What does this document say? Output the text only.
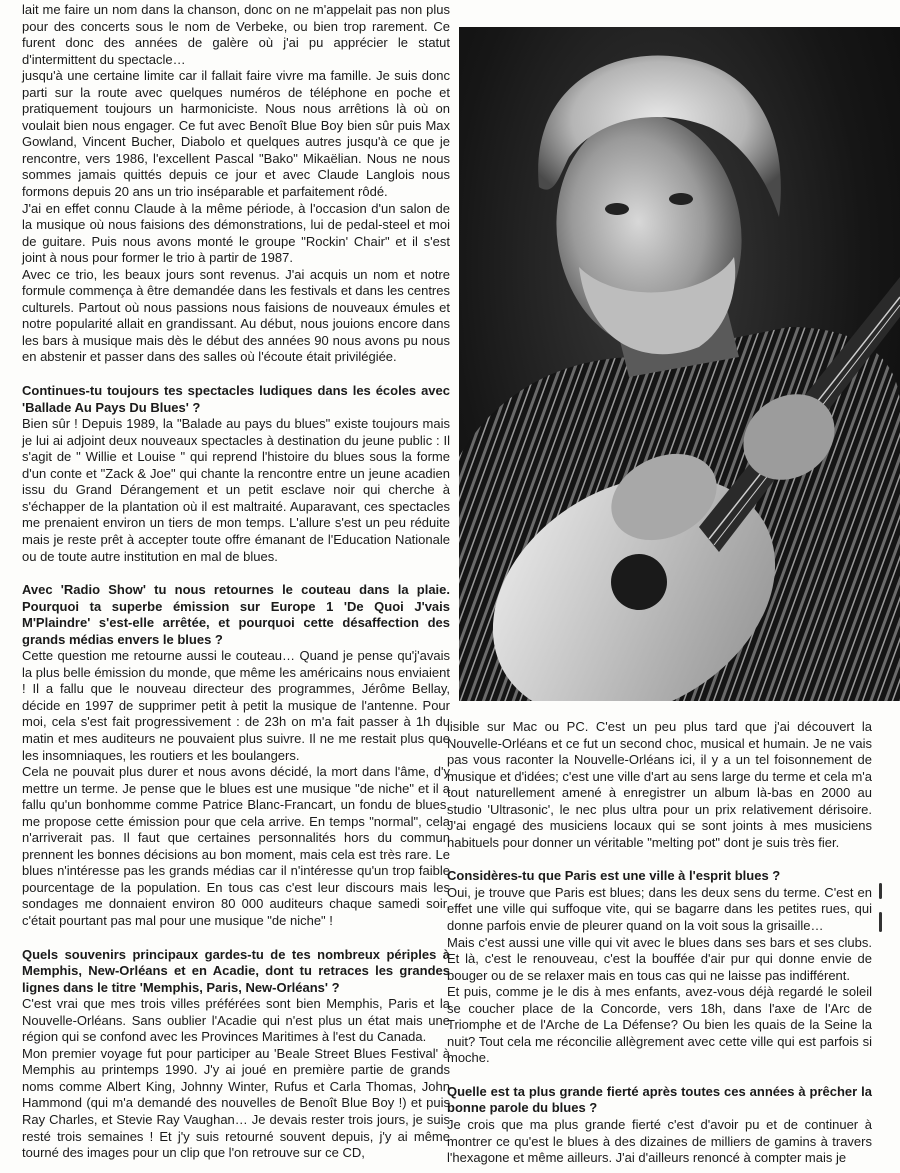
lait me faire un nom dans la chanson, donc on ne m'appelait pas non plus pour des concerts sous le nom de Verbeke, ou bien trop rarement. Ce furent donc des années de galère où j'ai pu apprécier le statut d'intermittent du spectacle…

jusqu'à une certaine limite car il fallait faire vivre ma famille. Je suis donc parti sur la route avec quelques numéros de téléphone en poche et pratiquement toujours un harmoniciste. Nous nous arrêtions là où on voulait bien nous engager. Ce fut avec Benoît Blue Boy bien sûr puis Max Gowland, Vincent Bucher, Diabolo et quelques autres jusqu'à ce que je rencontre, vers 1986, l'excellent Pascal "Bako" Mikaëlian. Nous ne nous sommes jamais quittés depuis ce jour et avec Claude Langlois nous formons depuis 20 ans un trio inséparable et parfaitement rôdé.

J'ai en effet connu Claude à la même période, à l'occasion d'un salon de la musique où nous faisions des démonstrations, lui de pedal-steel et moi de guitare. Puis nous avons monté le groupe "Rockin' Chair" et il s'est joint à nous pour former le trio à partir de 1987.

Avec ce trio, les beaux jours sont revenus. J'ai acquis un nom et notre formule commença à être demandée dans les festivals et dans les centres culturels. Partout où nous passions nous faisions de nouveaux émules et notre popularité allait en grandissant. Au début, nous jouions encore dans les bars à musique mais dès le début des années 90 nous avons pu nous en abstenir et passer dans des salles où l'écoute était privilégiée.

Continues-tu toujours tes spectacles ludiques dans les écoles avec 'Ballade Au Pays Du Blues' ?

Bien sûr ! Depuis 1989, la "Balade au pays du blues" existe toujours mais je lui ai adjoint deux nouveaux spectacles à destination du jeune public : Il s'agit de " Willie et Louise " qui reprend l'histoire du blues sous la forme d'un conte et "Zack & Joe" qui chante la rencontre entre un jeune acadien issu du Grand Dérangement et un petit esclave noir qui cherche à s'échapper de la plantation où il est maltraité. Auparavant, ces spectacles me prenaient environ un tiers de mon temps. L'allure s'est un peu réduite mais je reste prêt à accepter toute offre émanant de l'Education Nationale ou de toute autre institution en mal de blues.

Avec 'Radio Show' tu nous retournes le couteau dans la plaie. Pourquoi ta superbe émission sur Europe 1 'De Quoi J'vais M'Plaindre' s'est-elle arrêtée, et pourquoi cette désaffection des grands médias envers le blues ?

Cette question me retourne aussi le couteau… Quand je pense qu'j'avais la plus belle émission du monde, que même les américains nous enviaient ! Il a fallu que le nouveau directeur des programmes, Jérôme Bellay, décide en 1997 de supprimer petit à petit la musique de l'antenne. Pour moi, cela s'est fait progressivement : de 23h on m'a fait passer à 1h du matin et mes auditeurs ne pouvaient plus suivre. Il ne me restait plus que les insomniaques, les routiers et les boulangers.

Cela ne pouvait plus durer et nous avons décidé, la mort dans l'âme, d'y mettre un terme. Je pense que le blues est une musique "de niche" et il a fallu qu'un bonhomme comme Patrice Blanc-Francart, un fondu de blues, me propose cette émission pour que cela arrive. En temps "normal", cela n'arriverait pas. Il faut que certaines personnalités hors du commun prennent les bonnes décisions au bon moment, mais cela est très rare. Le blues n'intéresse pas les grands médias car il n'intéresse qu'un trop faible pourcentage de la population. En tous cas c'est leur discours mais les sondages me donnaient environ 80 000 auditeurs chaque samedi soir, c'était pourtant pas mal pour une musique "de niche" !

Quels souvenirs principaux gardes-tu de tes nombreux périples à Memphis, New-Orléans et en Acadie, dont tu retraces les grandes lignes dans le titre 'Memphis, Paris, New-Orléans' ?

C'est vrai que mes trois villes préférées sont bien Memphis, Paris et la Nouvelle-Orléans. Sans oublier l'Acadie qui n'est plus un état mais une région qui se confond avec les Provinces Maritimes à l'est du Canada.

Mon premier voyage fut pour participer au 'Beale Street Blues Festival' à Memphis au printemps 1990. J'y ai joué en première partie de grands noms comme Albert King, Johnny Winter, Rufus et Carla Thomas, John Hammond (qui m'a demandé des nouvelles de Benoît Blue Boy !) et puis Ray Charles, et Stevie Ray Vaughan… Je devais rester trois jours, je suis resté trois semaines ! Et j'y suis retourné souvent depuis, j'y ai même tourné des images pour un clip que l'on retrouve sur ce CD,

lisible sur Mac ou PC. C'est un peu plus tard que j'ai découvert la Nouvelle-Orléans et ce fut un second choc, musical et humain. Je ne vais pas vous raconter la Nouvelle-Orléans ici, il y a un tel foisonnement de musique et d'idées; c'est une ville d'art au sens large du terme et cela m'a tout naturellement amené à enregistrer un album là-bas en 2000 au studio 'Ultrasonic', le nec plus ultra pour un prix relativement dérisoire. J'ai engagé des musiciens locaux qui se sont joints à mes musiciens habituels pour donner un véritable "melting pot" dont je suis très fier.

Considères-tu que Paris est une ville à l'esprit blues ?

Oui, je trouve que Paris est blues; dans les deux sens du terme. C'est en effet une ville qui suffoque vite, qui se bagarre dans les petites rues, qui donne parfois envie de pleurer quand on la voit sous la grisaille…

Mais c'est aussi une ville qui vit avec le blues dans ses bars et ses clubs. Et là, c'est le renouveau, c'est la bouffée d'air pur qui donne envie de bouger ou de se relaxer mais en tous cas qui ne laisse pas indifférent.

Et puis, comme je le dis à mes enfants, avez-vous déjà regardé le soleil se coucher place de la Concorde, vers 18h, dans l'axe de l'Arc de Triomphe et de l'Arche de La Défense? Ou bien les quais de la Seine la nuit? Tout cela me réconcilie allègrement avec cette ville qui est parfois si moche.

Quelle est ta plus grande fierté après toutes ces années à prêcher la bonne parole du blues ?

Je crois que ma plus grande fierté c'est d'avoir pu et de continuer à montrer ce qu'est le blues à des dizaines de milliers de gamins à travers l'hexagone et même ailleurs. J'ai d'ailleurs renoncé à compter mais je
